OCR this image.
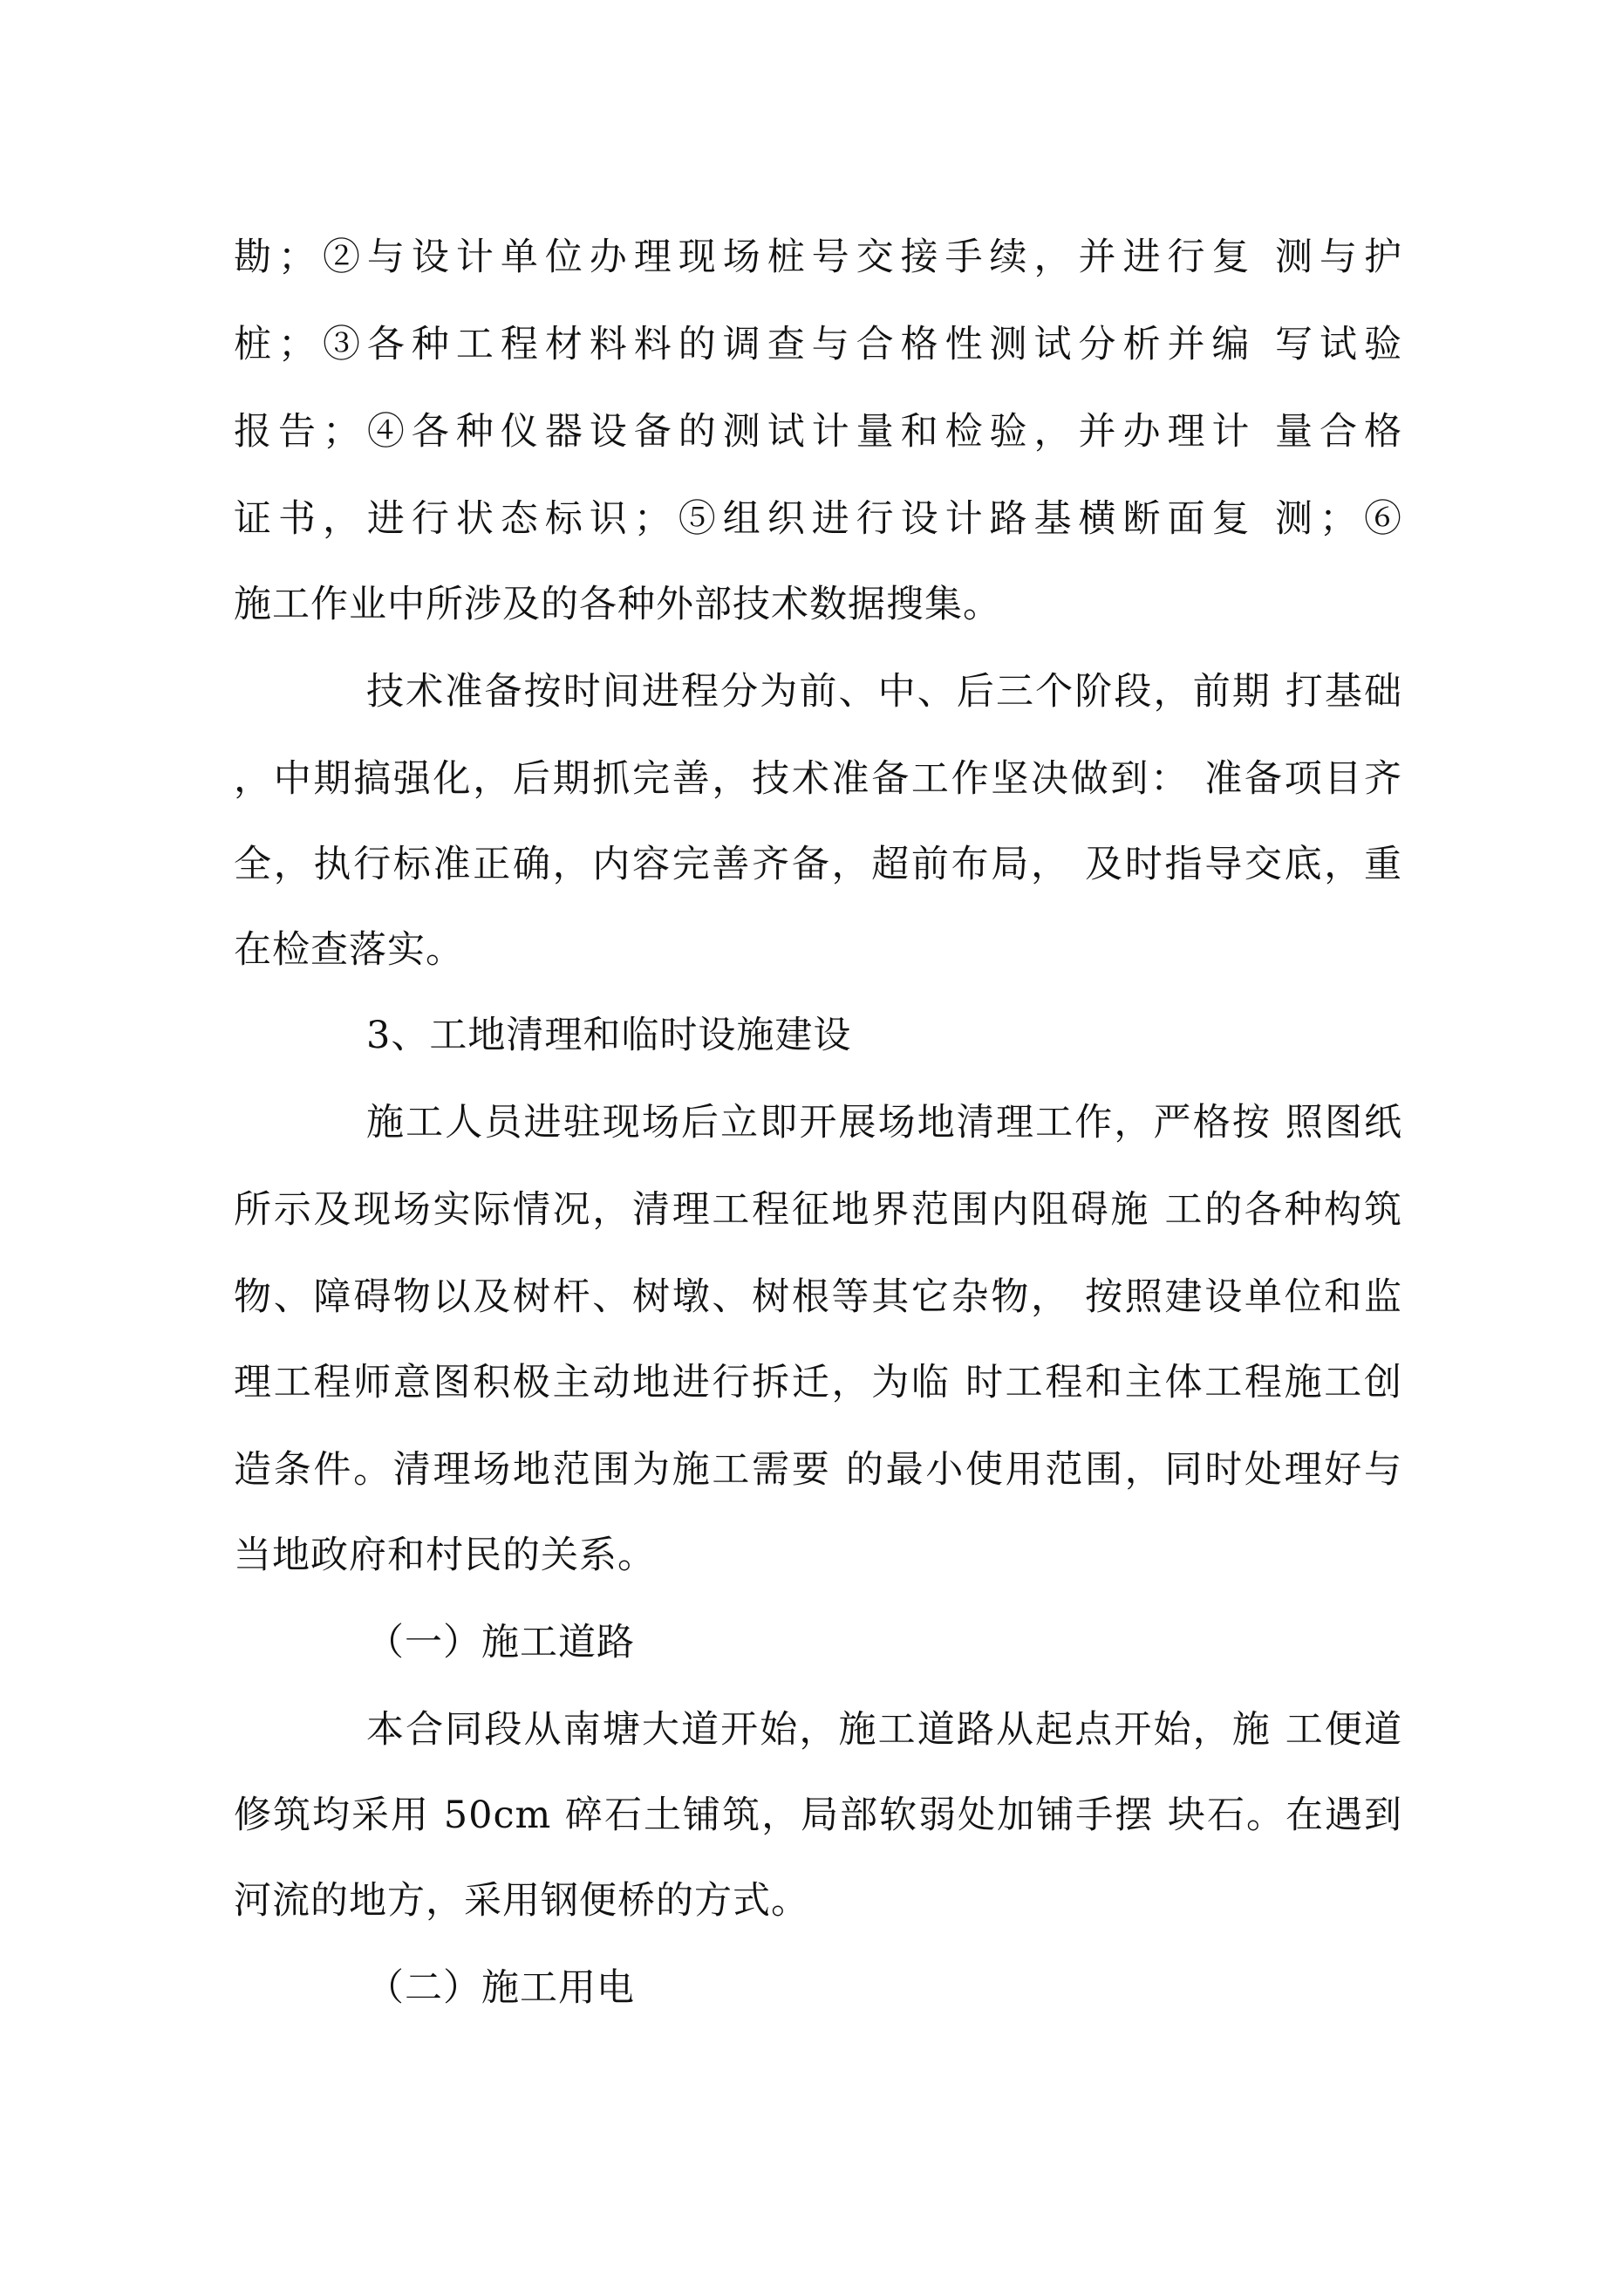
勘；②与设计单位办理现场桩号交接手续，并进行复 测与护
桩；③各种工程材料料的调查与合格性测试分析并编 写试验
报告；④各种仪器设备的测试计量和检验，并办理计 量合格
证书，进行状态标识；⑤组织进行设计路基横断面复 测；⑥
施工作业中所涉及的各种外部技术数据搜集。
技术准备按时间进程分为前、中、后三个阶段，前期 打基础
，中期搞强化，后期抓完善，技术准备工作坚决做到： 准备项目齐
全，执行标准正确，内容完善齐备，超前布局， 及时指导交底，重
在检查落实。
3、工地清理和临时设施建设
施工人员进驻现场后立即开展场地清理工作，严格按 照图纸
所示及现场实际情况，清理工程征地界范围内阻碍施 工的各种构筑
物、障碍物以及树杆、树墩、树根等其它杂物， 按照建设单位和监
理工程师意图积极主动地进行拆迁，为临 时工程和主体工程施工创
造条件。清理场地范围为施工需要 的最小使用范围，同时处理好与
当地政府和村民的关系。
（一）施工道路
本合同段从南塘大道开始，施工道路从起点开始，施 工便道
修筑均采用 50cm 碎石土铺筑，局部软弱处加铺手摆 块石。在遇到
河流的地方，采用钢便桥的方式。
（二）施工用电
